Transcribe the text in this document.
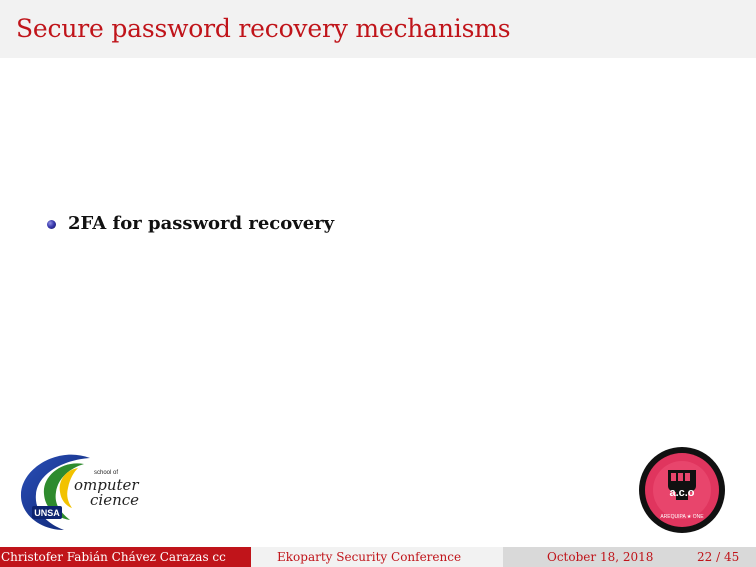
Secure password recovery mechanisms
2FA for password recovery
UNSA
school of
omputer
cience	a.c.o
AREQUIPA ★ ONE
Christofer Fabián Chávez Carazas cc	Ekoparty Security Conference	October 18, 2018	22 / 45
